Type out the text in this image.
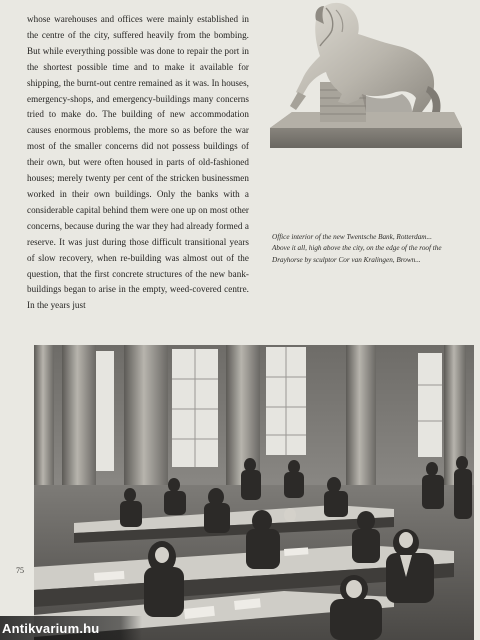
whose warehouses and offices were mainly established in the centre of the city, suffered heavily from the bombing. But while everything possible was done to repair the port in the shortest possible time and to make it available for shipping, the burnt-out centre remained as it was. In houses, emergency-shops, and emergency-buildings many concerns tried to make do. The building of new accommodation causes enormous problems, the more so as before the war most of the smaller concerns did not possess buildings of their own, but were often housed in parts of old-fashioned houses; merely twenty per cent of the stricken businessmen worked in their own buildings. Only the banks with a considerable capital behind them were one up on most other concerns, because during the war they had already formed a reserve. It was just during those difficult transitional years of slow recovery, when re-building was almost out of the question, that the first concrete structures of the new bank-buildings began to arise in the empty, weed-covered centre. In the years just

Office interior of the new Twentsche Bank, Rotterdam... Above it all, high above the city, on the edge of the roof the Drayhorse by sculptor Cor van Kralingen, Brown...

75
Antikvarium.hu
